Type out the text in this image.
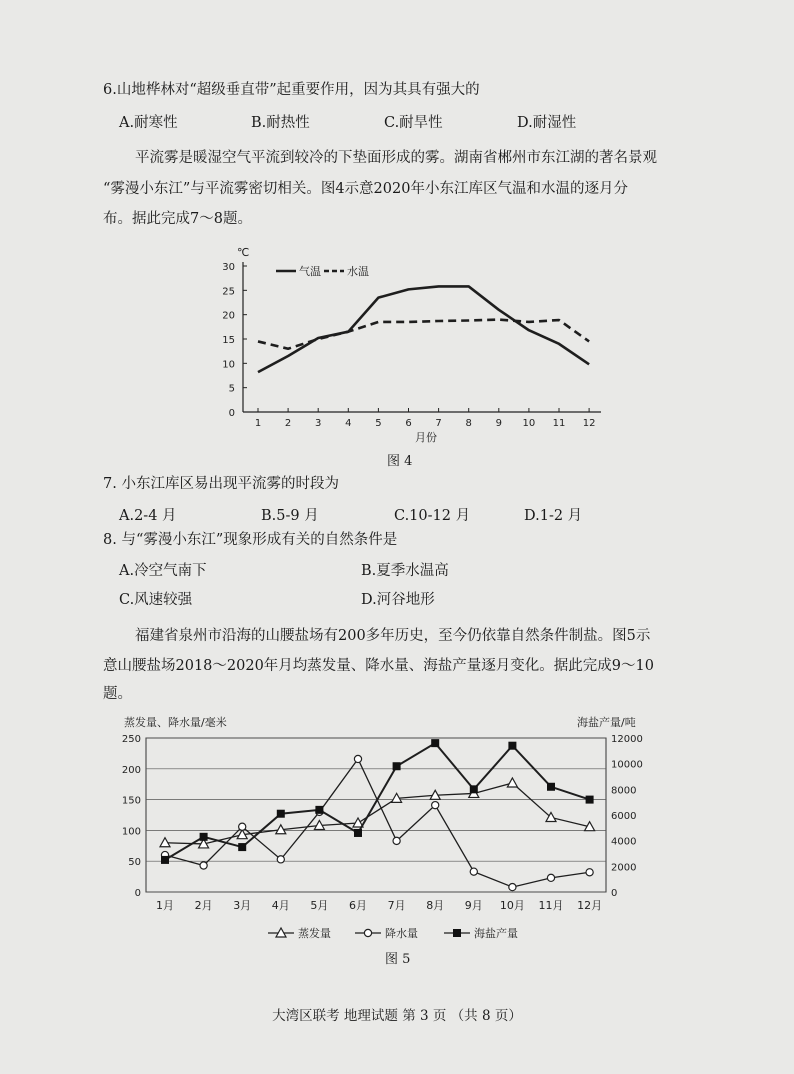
6.山地桦林对“超级垂直带”起重要作用，因为其具有强大的
A.耐寒性	B.耐热性	C.耐旱性	D.耐湿性
平流雾是暖湿空气平流到较冷的下垫面形成的雾。湖南省郴州市东江湖的著名景观
“雾漫小东江”与平流雾密切相关。图4示意2020年小东江库区气温和水温的逐月分
布。据此完成7～8题。
℃
0
5
10
15
20
25
30
1 2 3 4 5 6 7 8 9 10 11 12
月份
气温 水温
图 4
7. 小东江库区易出现平流雾的时段为
A.2-4 月	B.5-9 月	C.10-12 月	D.1-2 月
8. 与“雾漫小东江”现象形成有关的自然条件是
A.冷空气南下	B.夏季水温高
C.风速较强	D.河谷地形
福建省泉州市沿海的山腰盐场有200多年历史，至今仍依靠自然条件制盐。图5示
意山腰盐场2018～2020年月均蒸发量、降水量、海盐产量逐月变化。据此完成9～10
题。
蒸发量、降水量/毫米	海盐产量/吨
0
50
100
150
200
250
0
2000
4000
6000
8000
10000
12000
1月 2月 3月 4月 5月 6月 7月 8月 9月 10月 11月 12月
蒸发量	降水量	海盐产量
图 5
大湾区联考 地理试题 第 3 页 （共 8 页）
